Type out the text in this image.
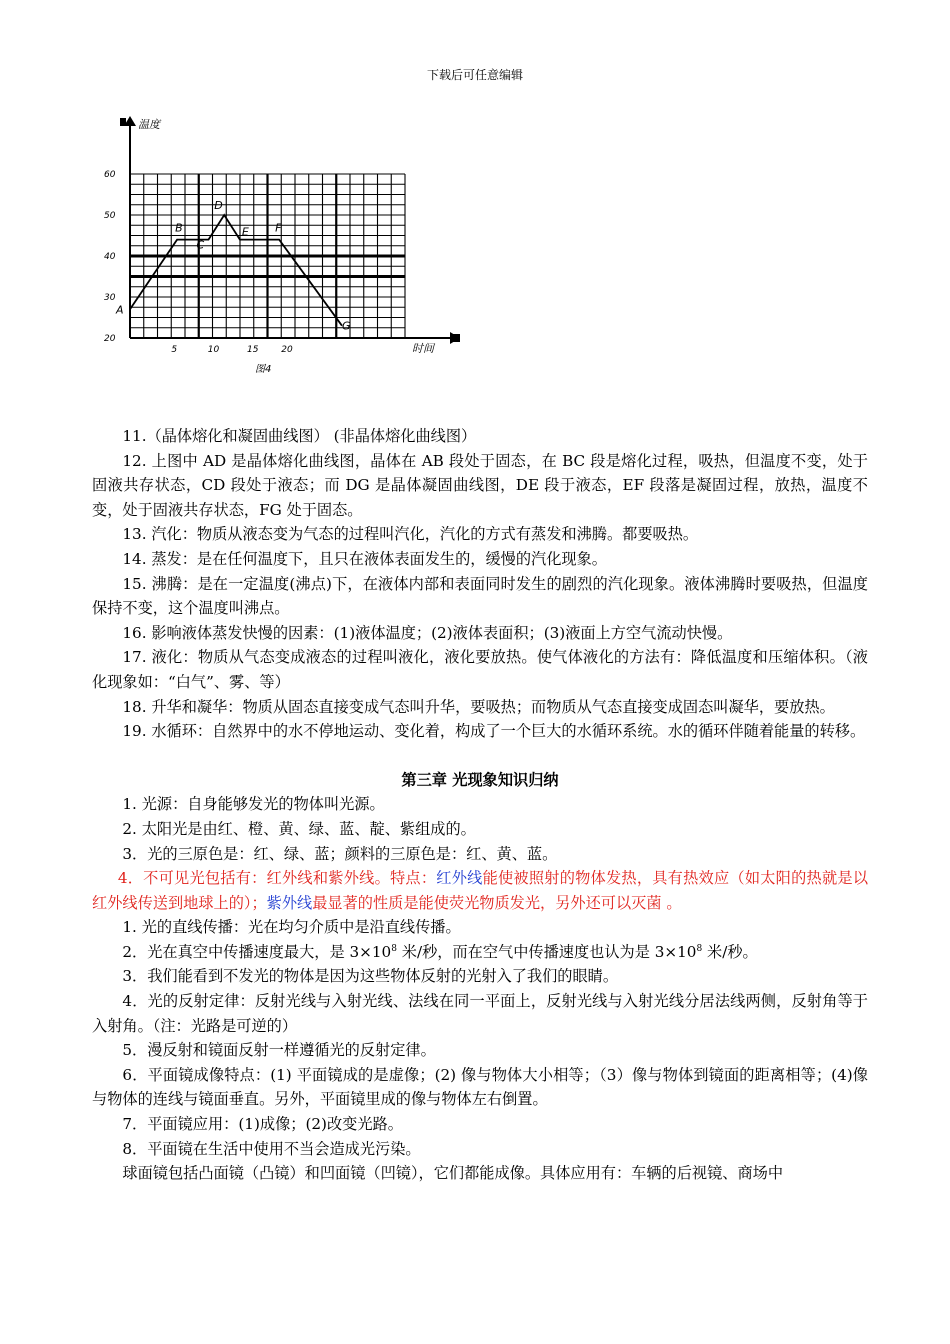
下载后可任意编辑
温度
时间
20
30
40
50
60
5	10	15	20
A
B
C
D
E F
G
图4

11.（晶体熔化和凝固曲线图） (非晶体熔化曲线图）

12. 上图中 AD 是晶体熔化曲线图，晶体在 AB 段处于固态，在 BC 段是熔化过程，吸热，但温度不变，处于固液共存状态，CD 段处于液态；而 DG 是晶体凝固曲线图，DE 段于液态，EF 段落是凝固过程，放热，温度不变，处于固液共存状态，FG 处于固态。

13. 汽化：物质从液态变为气态的过程叫汽化，汽化的方式有蒸发和沸腾。都要吸热。

14. 蒸发：是在任何温度下，且只在液体表面发生的，缓慢的汽化现象。

15. 沸腾：是在一定温度(沸点)下，在液体内部和表面同时发生的剧烈的汽化现象。液体沸腾时要吸热，但温度保持不变，这个温度叫沸点。

16. 影响液体蒸发快慢的因素：(1)液体温度；(2)液体表面积；(3)液面上方空气流动快慢。

17. 液化：物质从气态变成液态的过程叫液化，液化要放热。使气体液化的方法有：降低温度和压缩体积。（液化现象如：“白气”、雾、等）

18. 升华和凝华：物质从固态直接变成气态叫升华，要吸热；而物质从气态直接变成固态叫凝华，要放热。

19. 水循环：自然界中的水不停地运动、变化着，构成了一个巨大的水循环系统。水的循环伴随着能量的转移。

第三章 光现象知识归纳

1. 光源：自身能够发光的物体叫光源。

2. 太阳光是由红、橙、黄、绿、蓝、靛、紫组成的。

3．光的三原色是：红、绿、蓝；颜料的三原色是：红、黄、蓝。

4．不可见光包括有：红外线和紫外线。特点：红外线能使被照射的物体发热，具有热效应（如太阳的热就是以红外线传送到地球上的）；紫外线最显著的性质是能使荧光物质发光，另外还可以灭菌 。

1. 光的直线传播：光在均匀介质中是沿直线传播。

2．光在真空中传播速度最大，是 $3\times 10^8$ 米/秒，而在空气中传播速度也认为是 $3\times 10^8$ 米/秒。

3．我们能看到不发光的物体是因为这些物体反射的光射入了我们的眼睛。

4．光的反射定律：反射光线与入射光线、法线在同一平面上，反射光线与入射光线分居法线两侧，反射角等于入射角。（注：光路是可逆的）

5．漫反射和镜面反射一样遵循光的反射定律。

6．平面镜成像特点：(1) 平面镜成的是虚像；(2) 像与物体大小相等；（3）像与物体到镜面的距离相等；(4)像与物体的连线与镜面垂直。另外，平面镜里成的像与物体左右倒置。

7．平面镜应用：(1)成像；(2)改变光路。

8．平面镜在生活中使用不当会造成光污染。

球面镜包括凸面镜（凸镜）和凹面镜（凹镜），它们都能成像。具体应用有：车辆的后视镜、商场中
